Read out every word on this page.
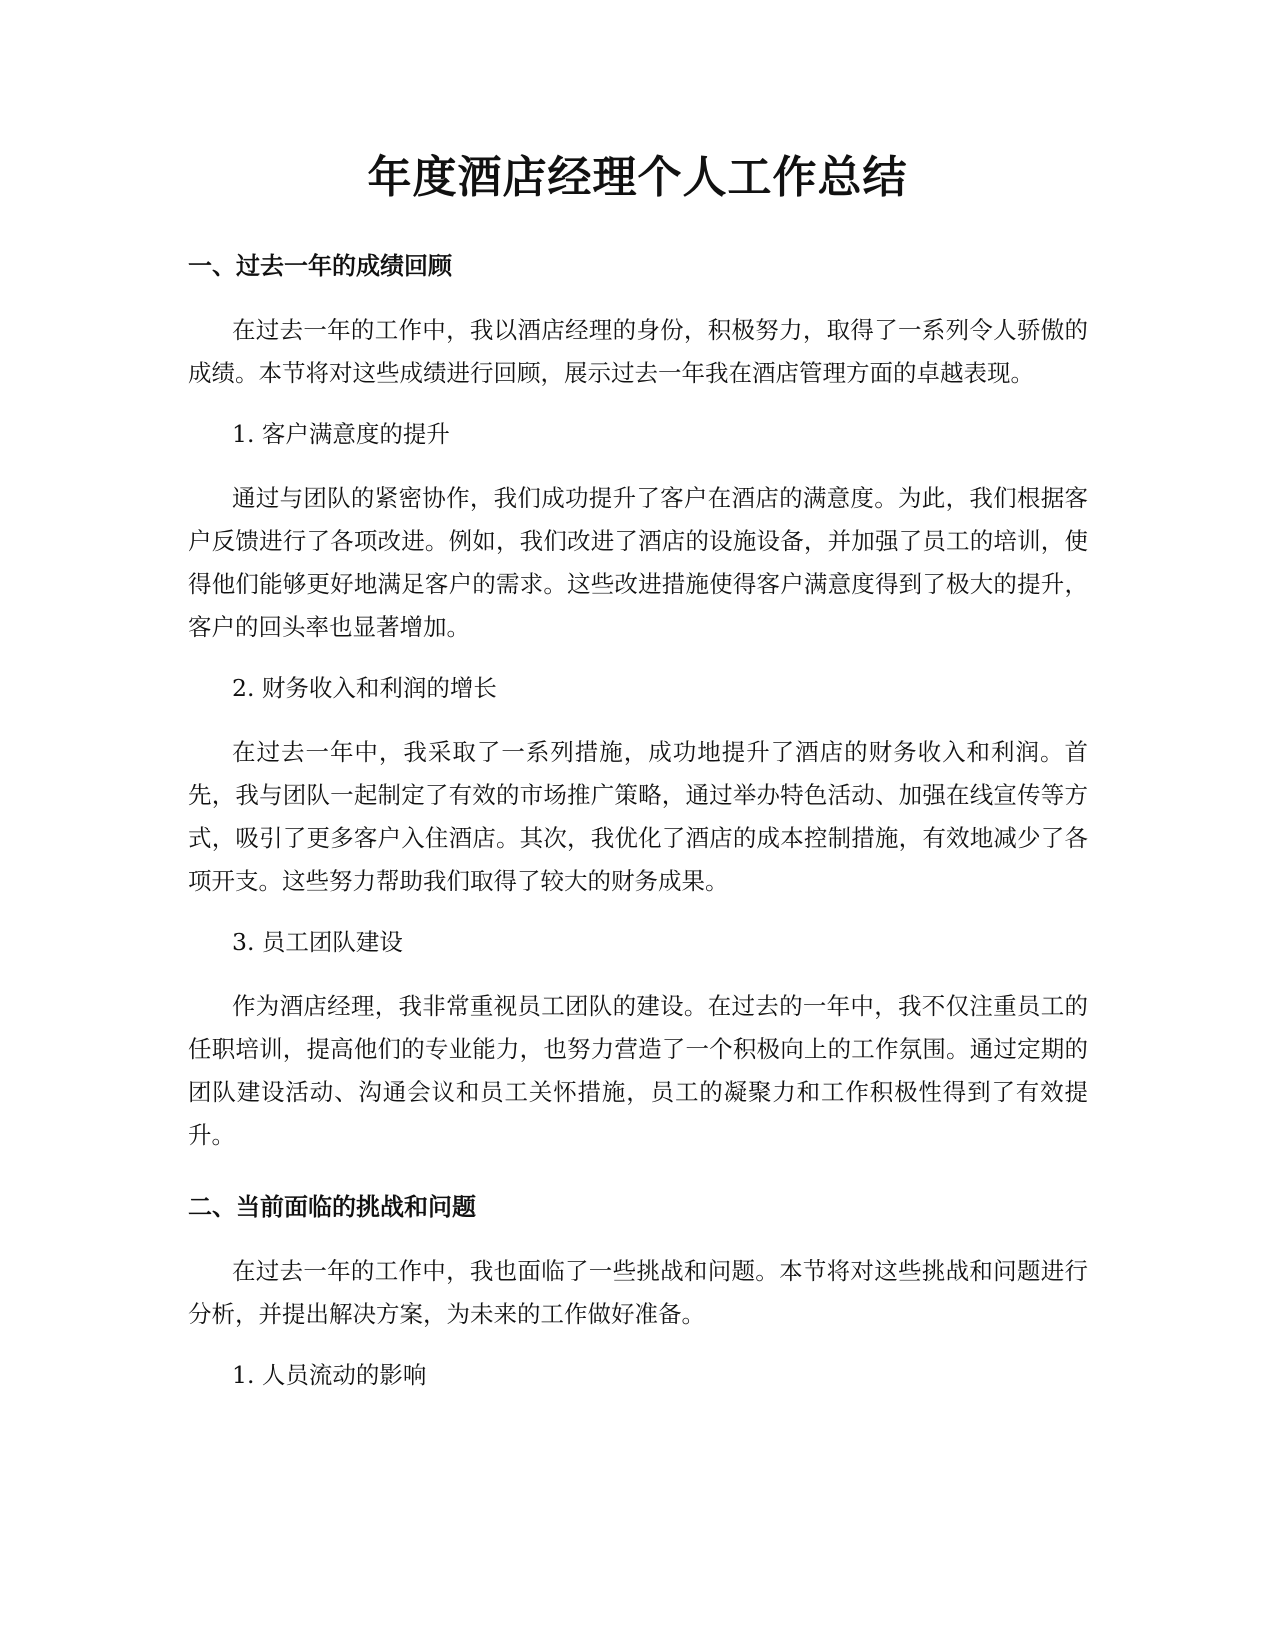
年度酒店经理个人工作总结
一、过去一年的成绩回顾

在过去一年的工作中，我以酒店经理的身份，积极努力，取得了一系列令人骄傲的成绩。本节将对这些成绩进行回顾，展示过去一年我在酒店管理方面的卓越表现。

1. 客户满意度的提升

通过与团队的紧密协作，我们成功提升了客户在酒店的满意度。为此，我们根据客户反馈进行了各项改进。例如，我们改进了酒店的设施设备，并加强了员工的培训，使得他们能够更好地满足客户的需求。这些改进措施使得客户满意度得到了极大的提升，客户的回头率也显著增加。

2. 财务收入和利润的增长

在过去一年中，我采取了一系列措施，成功地提升了酒店的财务收入和利润。首先，我与团队一起制定了有效的市场推广策略，通过举办特色活动、加强在线宣传等方式，吸引了更多客户入住酒店。其次，我优化了酒店的成本控制措施，有效地减少了各项开支。这些努力帮助我们取得了较大的财务成果。

3. 员工团队建设

作为酒店经理，我非常重视员工团队的建设。在过去的一年中，我不仅注重员工的任职培训，提高他们的专业能力，也努力营造了一个积极向上的工作氛围。通过定期的团队建设活动、沟通会议和员工关怀措施，员工的凝聚力和工作积极性得到了有效提升。

二、当前面临的挑战和问题

在过去一年的工作中，我也面临了一些挑战和问题。本节将对这些挑战和问题进行分析，并提出解决方案，为未来的工作做好准备。

1. 人员流动的影响
